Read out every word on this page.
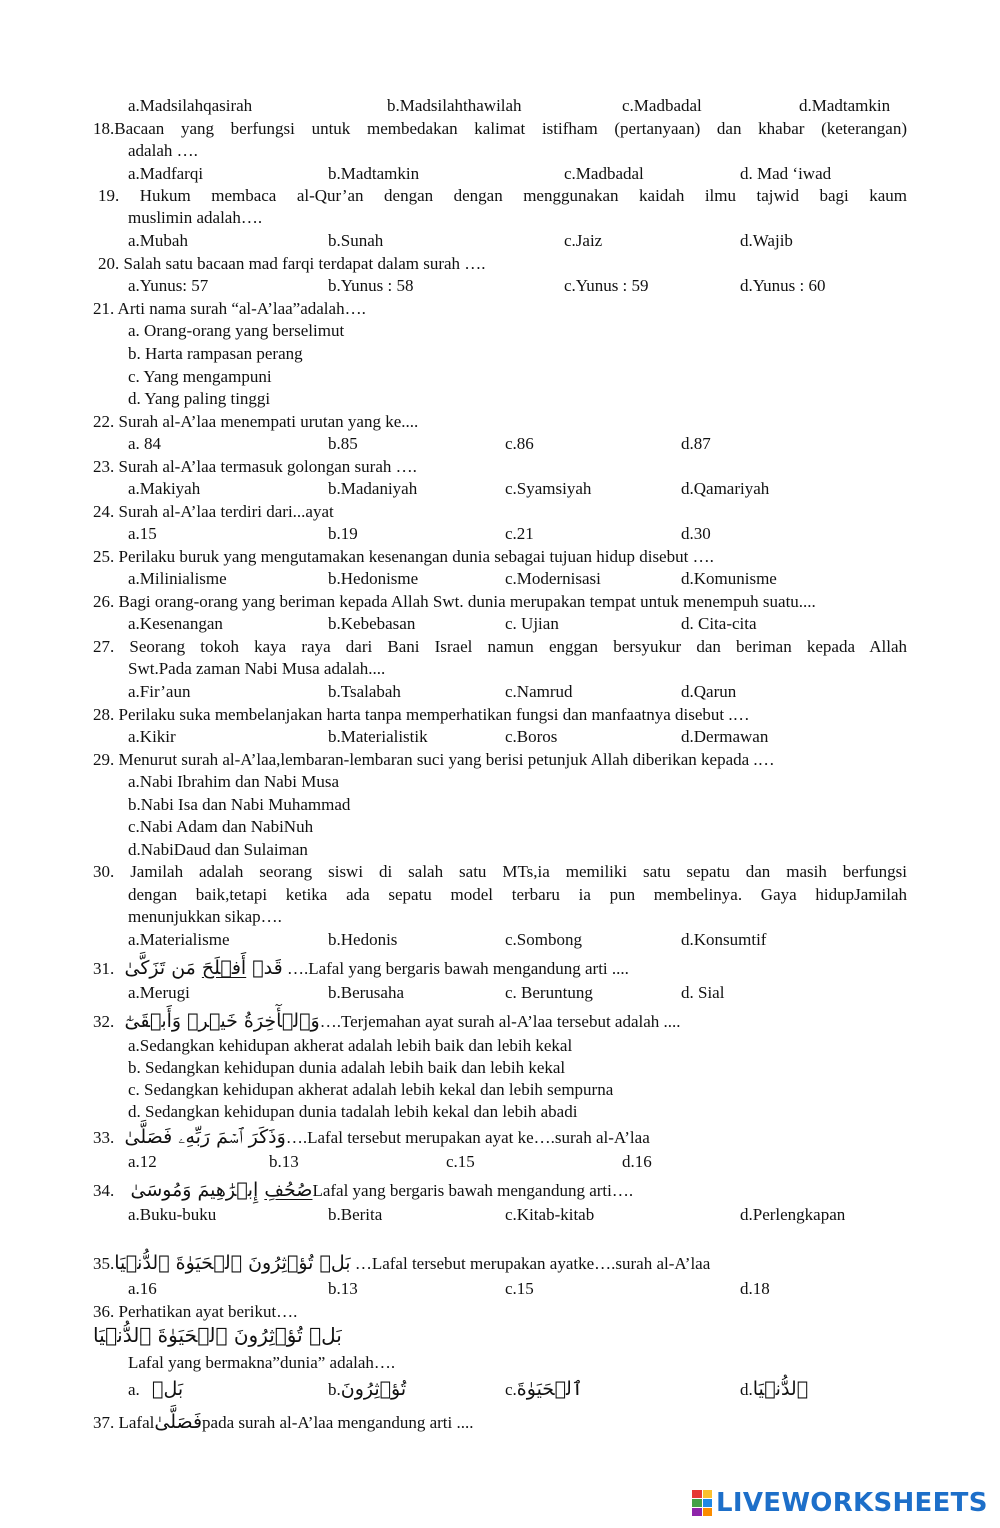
a.Madsilahqasirah	b.Madsilahthawilah	c.Madbadal	d.Madtamkin
18.Bacaan yang berfungsi untuk membedakan kalimat istifham (pertanyaan) dan khabar (keterangan)
adalah ….
a.Madfarqi	b.Madtamkin	c.Madbadal	d. Mad ‘iwad
19. Hukum membaca al-Qur’an dengan dengan menggunakan kaidah ilmu tajwid bagi kaum
muslimin adalah….
a.Mubah	b.Sunah	c.Jaiz	d.Wajib
20. Salah satu bacaan mad farqi terdapat dalam surah ….
a.Yunus: 57	b.Yunus : 58	c.Yunus : 59	d.Yunus : 60
21. Arti nama surah “al-A’laa”adalah….
a. Orang-orang yang berselimut
b. Harta rampasan perang
c. Yang mengampuni
d. Yang paling tinggi
22. Surah al-A’laa menempati urutan yang ke....
a. 84	b.85	c.86	d.87
23. Surah al-A’laa termasuk golongan surah ….
a.Makiyah	b.Madaniyah	c.Syamsiyah	d.Qamariyah
24. Surah al-A’laa terdiri dari...ayat
a.15	b.19	c.21	d.30
25. Perilaku buruk yang mengutamakan kesenangan dunia sebagai tujuan hidup disebut ….
a.Milinialisme	b.Hedonisme	c.Modernisasi	d.Komunisme
26. Bagi orang-orang yang beriman kepada Allah Swt. dunia merupakan tempat untuk menempuh suatu....
a.Kesenangan	b.Kebebasan	c. Ujian	d. Cita-cita
27. Seorang tokoh kaya raya dari Bani Israel namun enggan bersyukur dan beriman kepada Allah
Swt.Pada zaman Nabi Musa adalah....
a.Fir’aun	b.Tsalabah	c.Namrud	d.Qarun
28. Perilaku suka membelanjakan harta tanpa memperhatikan fungsi dan manfaatnya disebut .…
a.Kikir	b.Materialistik	c.Boros	d.Dermawan
29. Menurut surah al-A’laa,lembaran-lembaran suci yang berisi petunjuk Allah diberikan kepada .…
a.Nabi Ibrahim dan Nabi Musa
b.Nabi Isa dan Nabi Muhammad
c.Nabi Adam dan NabiNuh
d.NabiDaud dan Sulaiman
30. Jamilah adalah seorang siswi di salah satu MTs,ia memiliki satu sepatu dan masih berfungsi
dengan baik,tetapi ketika ada sepatu model terbaru ia pun membelinya. Gaya hidupJamilah
menunjukkan sikap….
a.Materialisme	b.Hedonis	c.Sombong	d.Konsumtif
31.	قَدۡ أَفۡلَحَ مَن تَزَكَّىٰ	….Lafal yang bergaris bawah mengandung arti ....
a.Merugi	b.Berusaha	c. Beruntung	d. Sial
32. وَٱلۡأٓخِرَةُ خَيۡرٞ وَأَبۡقَىٰٓ….Terjemahan ayat surah al-A’laa tersebut adalah ....
a.Sedangkan kehidupan akherat adalah lebih baik dan lebih kekal
b. Sedangkan kehidupan dunia adalah lebih baik dan lebih kekal
c. Sedangkan kehidupan akherat adalah lebih kekal dan lebih sempurna
d. Sedangkan kehidupan dunia tadalah lebih kekal dan lebih abadi
33. وَذَكَرَ ٱسۡمَ رَبِّهِۦ فَصَلَّىٰ….Lafal tersebut merupakan ayat ke….surah al-A’laa
a.12	b.13	c.15	d.16
34.	صُحُفِ إِبۡرَٰهِيمَ وَمُوسَىٰ	Lafal yang bergaris bawah mengandung arti….
a.Buku-buku	b.Berita	c.Kitab-kitab	d.Perlengkapan
35.بَلۡ تُؤۡثِرُونَ ٱلۡحَيَوٰةَ ٱلدُّنۡيَا …Lafal tersebut merupakan ayatke….surah al-A’laa
a.16	b.13	c.15	d.18
36. Perhatikan ayat berikut….
بَلۡ تُؤۡثِرُونَ ٱلۡحَيَوٰةَ ٱلدُّنۡيَا
Lafal yang bermakna”dunia” adalah….
a. بَلۡ	b.تُؤۡثِرُونَ	c.ٱلۡحَيَوٰةَ	d.ٱلدُّنۡيَا
37. Lafalفَصَلَّىٰpada surah al-A’laa mengandung arti ....
LIVEWORKSHEETS
